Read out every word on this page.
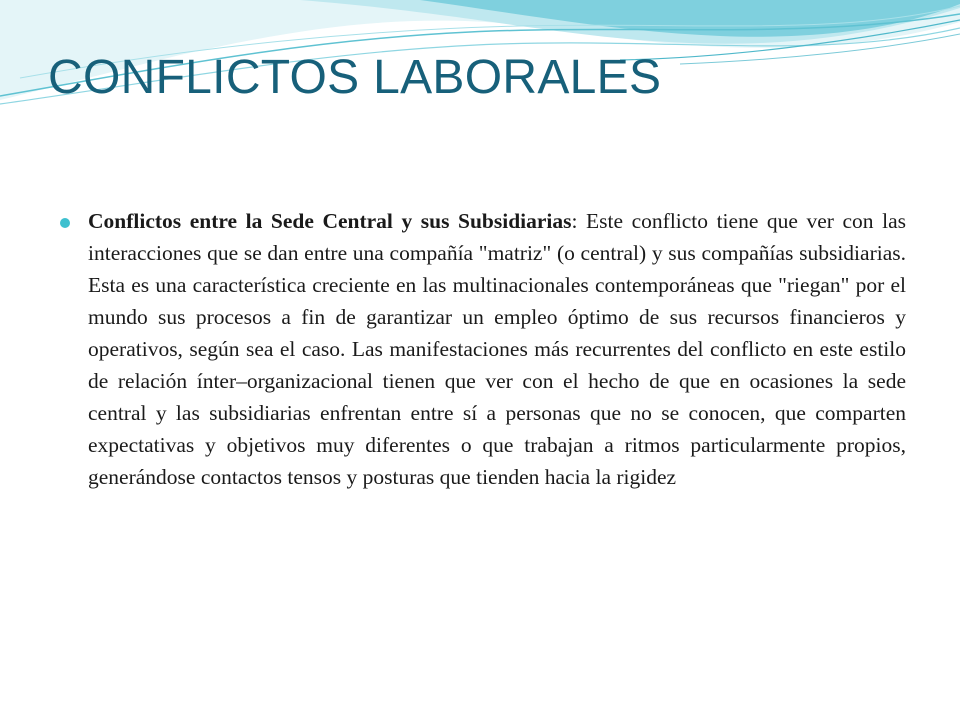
CONFLICTOS LABORALES

Conflictos entre la Sede Central y sus Subsidiarias: Este conflicto tiene que ver con las interacciones que se dan entre una compañía "matriz" (o central) y sus compañías subsidiarias. Esta es una característica creciente en las multinacionales contemporáneas que "riegan" por el mundo sus procesos a fin de garantizar un empleo óptimo de sus recursos financieros y operativos, según sea el caso. Las manifestaciones más recurrentes del conflicto en este estilo de relación ínter–organizacional tienen que ver con el hecho de que en ocasiones la sede central y las subsidiarias enfrentan entre sí a personas que no se conocen, que comparten expectativas y objetivos muy diferentes o que trabajan a ritmos particularmente propios, generándose contactos tensos y posturas que tienden hacia la rigidez
